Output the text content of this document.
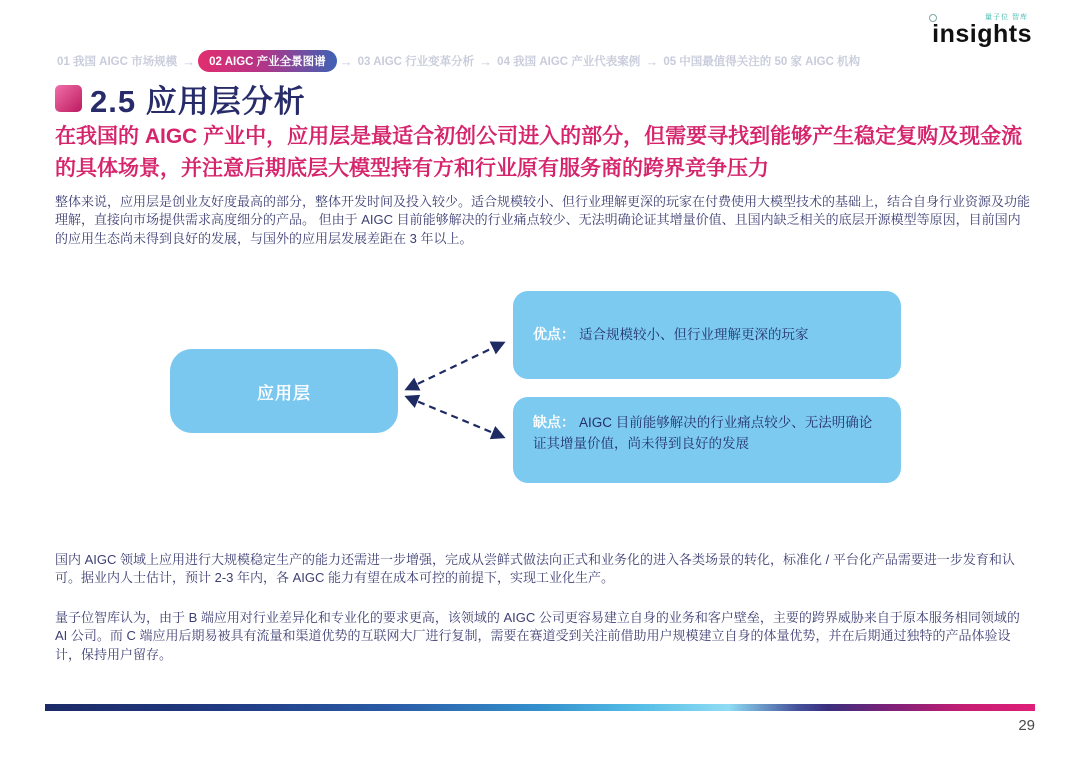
01 我国 AIGC 市场规模 →	02 AIGC 产业全景图谱	→ 03 AIGC 行业变革分析 → 04 我国 AIGC 产业代表案例 → 05 中国最值得关注的 50 家 AIGC 机构
量子位 智库
insights
2.5 应用层分析

在我国的 AIGC 产业中，应用层是最适合初创公司进入的部分，但需要寻找到能够产生稳定复购及现金流的具体场景，并注意后期底层大模型持有方和行业原有服务商的跨界竞争压力

整体来说，应用层是创业友好度最高的部分，整体开发时间及投入较少。适合规模较小、但行业理解更深的玩家在付费使用大模型技术的基础上，结合自身行业资源及功能理解，直接向市场提供需求高度细分的产品。 但由于 AIGC 目前能够解决的行业痛点较少、无法明确论证其增量价值、且国内缺乏相关的底层开源模型等原因，目前国内的应用生态尚未得到良好的发展，与国外的应用层发展差距在 3 年以上。

应用层
优点： 适合规模较小、但行业理解更深的玩家
缺点： AIGC 目前能够解决的行业痛点较少、无法明确论证其增量价值，尚未得到良好的发展

国内 AIGC 领域上应用进行大规模稳定生产的能力还需进一步增强，完成从尝鲜式做法向正式和业务化的进入各类场景的转化，标准化 / 平台化产品需要进一步发育和认可。据业内人士估计，预计 2-3 年内，各 AIGC 能力有望在成本可控的前提下，实现工业化生产。

量子位智库认为，由于 B 端应用对行业差异化和专业化的要求更高，该领域的 AIGC 公司更容易建立自身的业务和客户壁垒，主要的跨界威胁来自于原本服务相同领域的 AI 公司。而 C 端应用后期易被具有流量和渠道优势的互联网大厂进行复制，需要在赛道受到关注前借助用户规模建立自身的体量优势，并在后期通过独特的产品体验设计，保持用户留存。

29
